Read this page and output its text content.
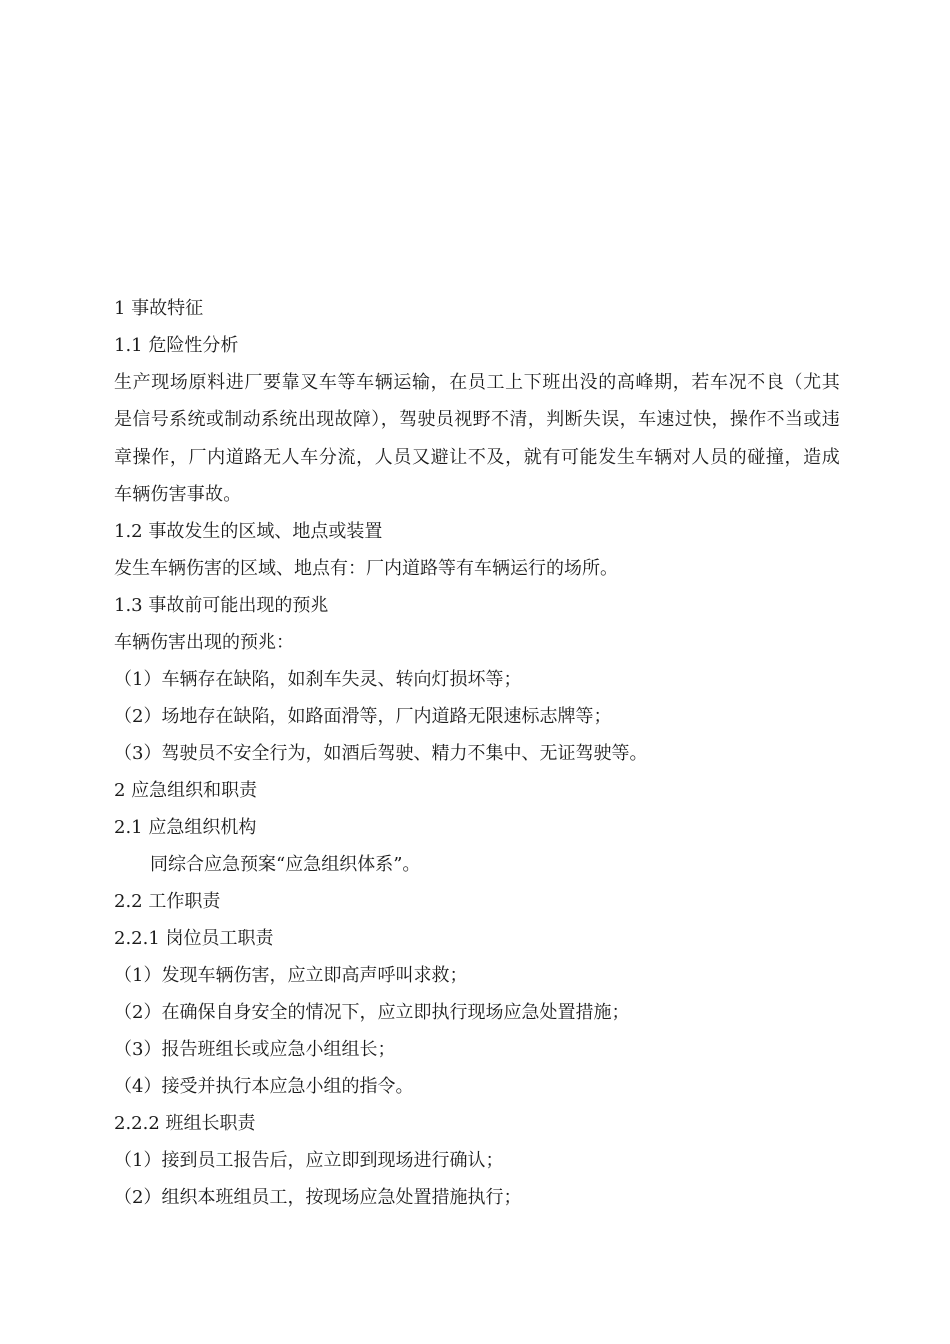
1 事故特征
1.1 危险性分析
生产现场原料进厂要靠叉车等车辆运输，在员工上下班出没的高峰期，若车况不良（尤其是信号系统或制动系统出现故障），驾驶员视野不清，判断失误，车速过快，操作不当或违章操作，厂内道路无人车分流，人员又避让不及，就有可能发生车辆对人员的碰撞，造成车辆伤害事故。
1.2 事故发生的区域、地点或装置
发生车辆伤害的区域、地点有：厂内道路等有车辆运行的场所。
1.3 事故前可能出现的预兆
车辆伤害出现的预兆：
（1）车辆存在缺陷，如刹车失灵、转向灯损坏等；
（2）场地存在缺陷，如路面滑等，厂内道路无限速标志牌等；
（3）驾驶员不安全行为，如酒后驾驶、精力不集中、无证驾驶等。
2 应急组织和职责
2.1 应急组织机构
同综合应急预案“应急组织体系”。
2.2 工作职责
2.2.1 岗位员工职责
（1）发现车辆伤害，应立即高声呼叫求救；
（2）在确保自身安全的情况下，应立即执行现场应急处置措施；
（3）报告班组长或应急小组组长；
（4）接受并执行本应急小组的指令。
2.2.2 班组长职责
（1）接到员工报告后，应立即到现场进行确认；
（2）组织本班组员工，按现场应急处置措施执行；
